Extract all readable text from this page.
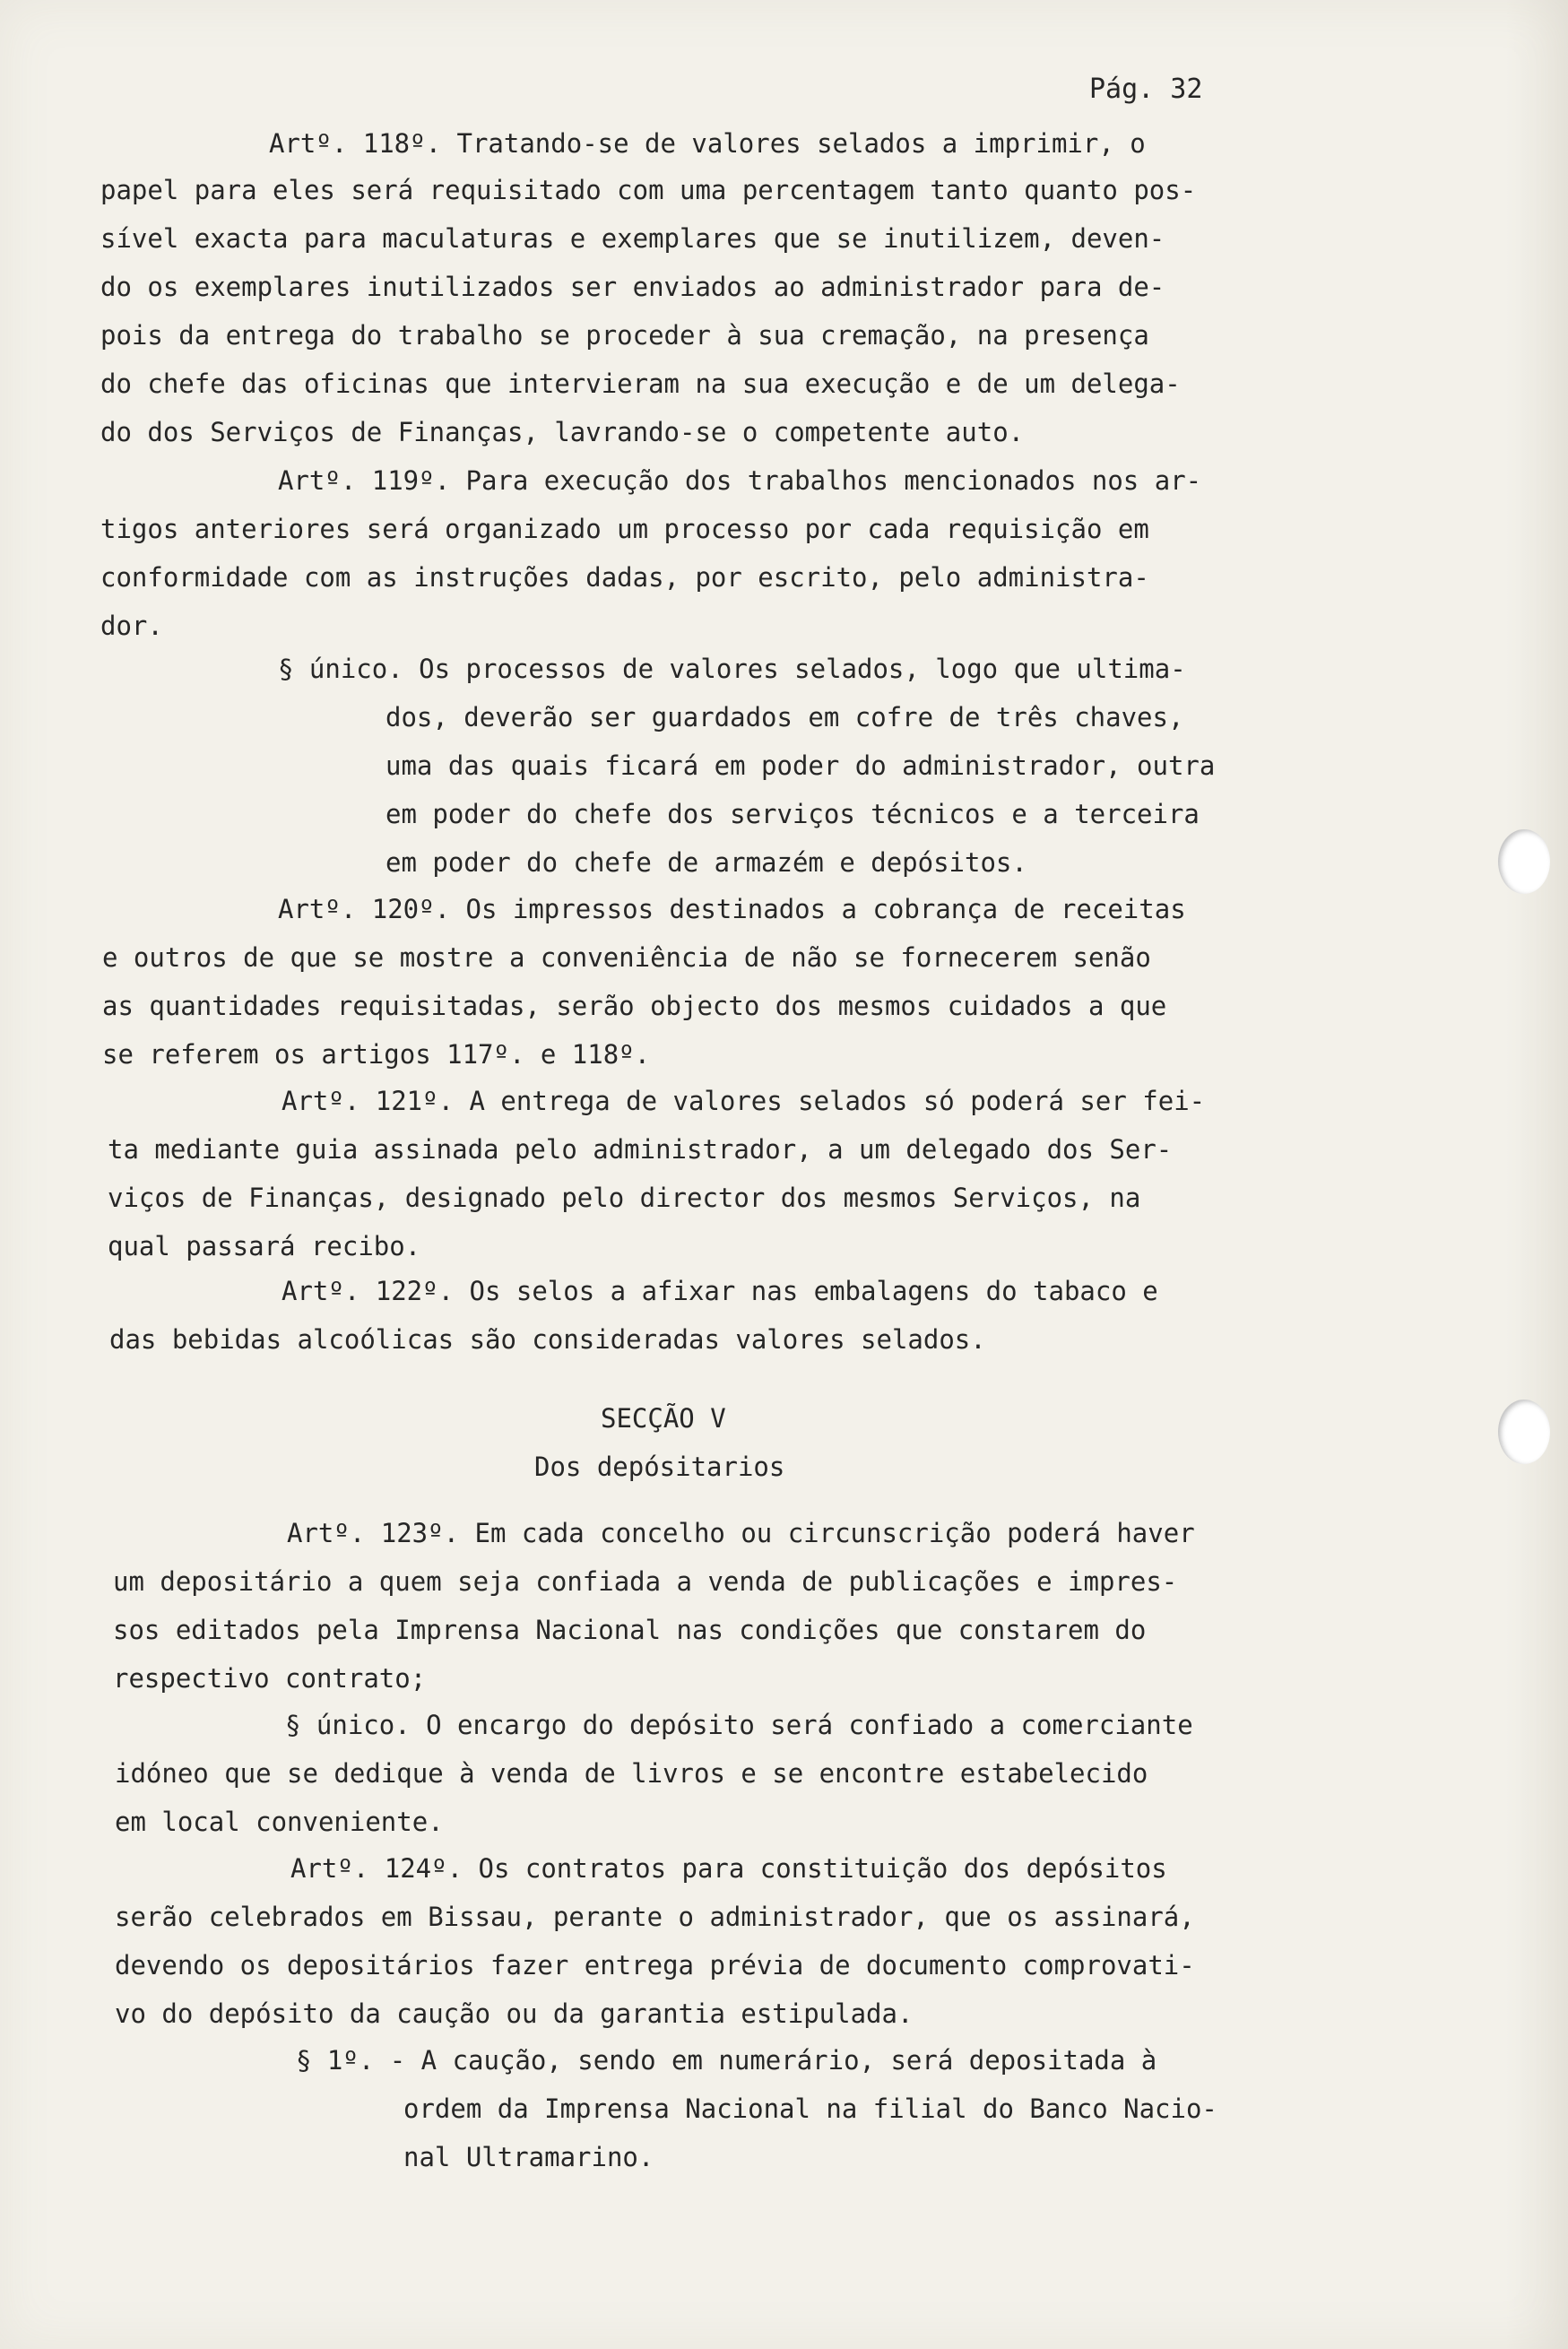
Pág. 32
Artº. 118º. Tratando-se de valores selados a imprimir, o
papel para eles será requisitado com uma percentagem tanto quanto pos-
sível exacta para maculaturas e exemplares que se inutilizem, deven-
do os exemplares inutilizados ser enviados ao administrador para de-
pois da entrega do trabalho se proceder à sua cremação, na presença
do chefe das oficinas que intervieram na sua execução e de um delega-
do dos Serviços de Finanças, lavrando-se o competente auto.
Artº. 119º. Para execução dos trabalhos mencionados nos ar-
tigos anteriores será organizado um processo por cada requisição em
conformidade com as instruções dadas, por escrito, pelo administra-
dor.
§ único. Os processos de valores selados, logo que ultima-
dos, deverão ser guardados em cofre de três chaves,
uma das quais ficará em poder do administrador, outra
em poder do chefe dos serviços técnicos e a terceira
em poder do chefe de armazém e depósitos.
Artº. 120º. Os impressos destinados a cobrança de receitas
e outros de que se mostre a conveniência de não se fornecerem senão
as quantidades requisitadas, serão objecto dos mesmos cuidados a que
se referem os artigos 117º. e 118º.
Artº. 121º. A entrega de valores selados só poderá ser fei-
ta mediante guia assinada pelo administrador, a um delegado dos Ser-
viços de Finanças, designado pelo director dos mesmos Serviços, na
qual passará recibo.
Artº. 122º. Os selos a afixar nas embalagens do tabaco e
das bebidas alcoólicas são consideradas valores selados.
SECÇÃO V
Dos depósitarios
Artº. 123º. Em cada concelho ou circunscrição poderá haver
um depositário a quem seja confiada a venda de publicações e impres-
sos editados pela Imprensa Nacional nas condições que constarem do
respectivo contrato;
§ único. O encargo do depósito será confiado a comerciante
idóneo que se dedique à venda de livros e se encontre estabelecido
em local conveniente.
Artº. 124º. Os contratos para constituição dos depósitos
serão celebrados em Bissau, perante o administrador, que os assinará,
devendo os depositários fazer entrega prévia de documento comprovati-
vo do depósito da caução ou da garantia estipulada.
§ 1º. - A caução, sendo em numerário, será depositada à
ordem da Imprensa Nacional na filial do Banco Nacio-
nal Ultramarino.
